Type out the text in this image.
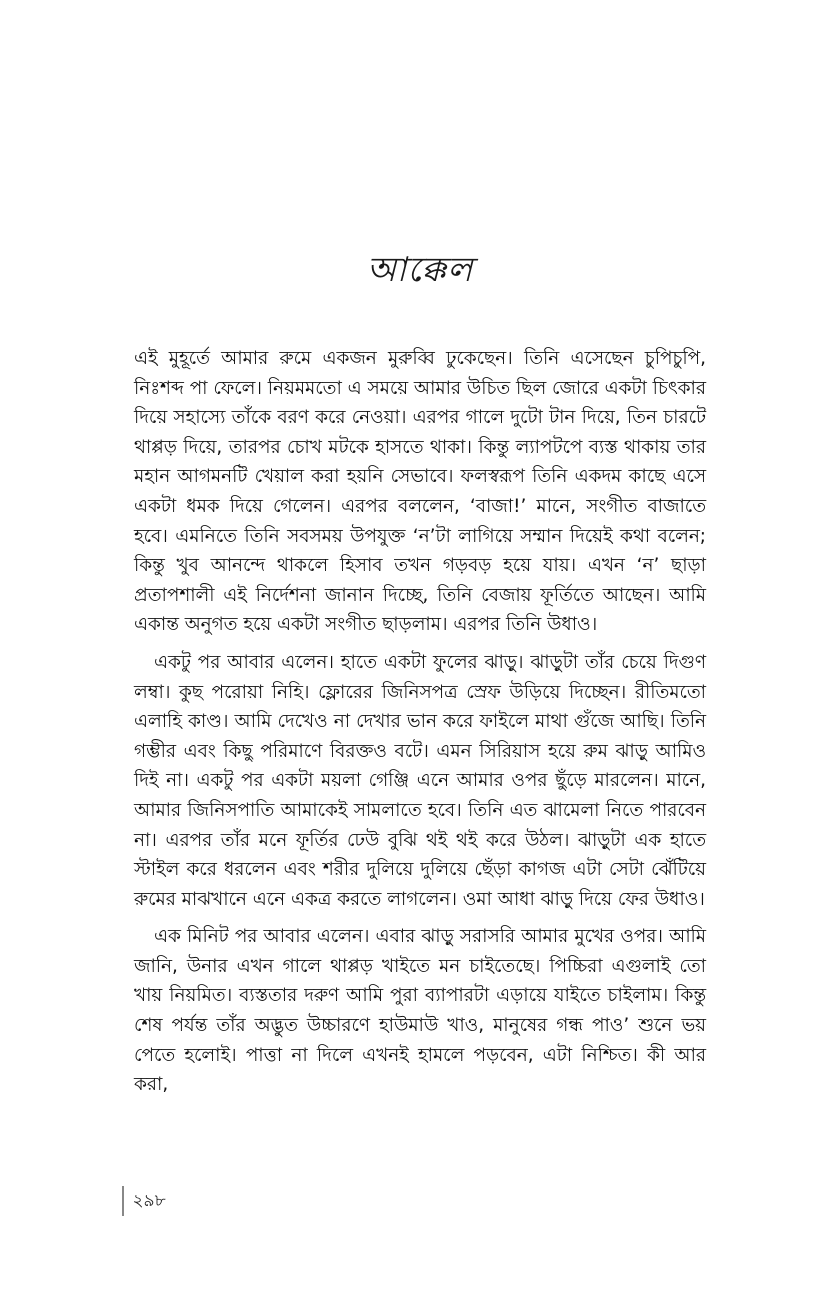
আক্কেল

এই মুহূর্তে আমার রুমে একজন মুরুব্বি ঢুকেছেন। তিনি এসেছেন চুপিচুপি, নিঃশব্দ পা ফেলে। নিয়মমতো এ সময়ে আমার উচিত ছিল জোরে একটা চিৎকার দিয়ে সহাস্যে তাঁকে বরণ করে নেওয়া। এরপর গালে দুটো টান দিয়ে, তিন চারটে থাপ্পড় দিয়ে, তারপর চোখ মটকে হাসতে থাকা। কিন্তু ল্যাপটপে ব্যস্ত থাকায় তার মহান আগমনটি খেয়াল করা হয়নি সেভাবে। ফলস্বরূপ তিনি একদম কাছে এসে একটা ধমক দিয়ে গেলেন। এরপর বললেন, ‘বাজা!’ মানে, সংগীত বাজাতে হবে। এমনিতে তিনি সবসময় উপযুক্ত ‘ন’টা লাগিয়ে সম্মান দিয়েই কথা বলেন; কিন্তু খুব আনন্দে থাকলে হিসাব তখন গড়বড় হয়ে যায়। এখন ‘ন’ ছাড়া প্রতাপশালী এই নির্দেশনা জানান দিচ্ছে, তিনি বেজায় ফূর্তিতে আছেন। আমি একান্ত অনুগত হয়ে একটা সংগীত ছাড়লাম। এরপর তিনি উধাও।

একটু পর আবার এলেন। হাতে একটা ফুলের ঝাড়ু। ঝাড়ুটা তাঁর চেয়ে দিগুণ লম্বা। কুছ পরোয়া নিহি। ফ্লোরের জিনিসপত্র স্রেফ উড়িয়ে দিচ্ছেন। রীতিমতো এলাহি কাণ্ড। আমি দেখেও না দেখার ভান করে ফাইলে মাথা গুঁজে আছি। তিনি গম্ভীর এবং কিছু পরিমাণে বিরক্তও বটে। এমন সিরিয়াস হয়ে রুম ঝাড়ু আমিও দিই না। একটু পর একটা ময়লা গেঞ্জি এনে আমার ওপর ছুঁড়ে মারলেন। মানে, আমার জিনিসপাতি আমাকেই সামলাতে হবে। তিনি এত ঝামেলা নিতে পারবেন না। এরপর তাঁর মনে ফূর্তির ঢেউ বুঝি থই থই করে উঠল। ঝাড়ুটা এক হাতে স্টাইল করে ধরলেন এবং শরীর দুলিয়ে দুলিয়ে ছেঁড়া কাগজ এটা সেটা ঝেঁটিয়ে রুমের মাঝখানে এনে একত্র করতে লাগলেন। ওমা আধা ঝাড়ু দিয়ে ফের উধাও।

এক মিনিট পর আবার এলেন। এবার ঝাড়ু সরাসরি আমার মুখের ওপর। আমি জানি, উনার এখন গালে থাপ্পড় খাইতে মন চাইতেছে। পিচ্চিরা এগুলাই তো খায় নিয়মিত। ব্যস্ততার দরুণ আমি পুরা ব্যাপারটা এড়ায়ে যাইতে চাইলাম। কিন্তু শেষ পর্যন্ত তাঁর অদ্ভুত উচ্চারণে হাউমাউ খাও, মানুষের গন্ধ পাও’ শুনে ভয় পেতে হলোই। পাত্তা না দিলে এখনই হামলে পড়বেন, এটা নিশ্চিত। কী আর করা,

২৯৮
